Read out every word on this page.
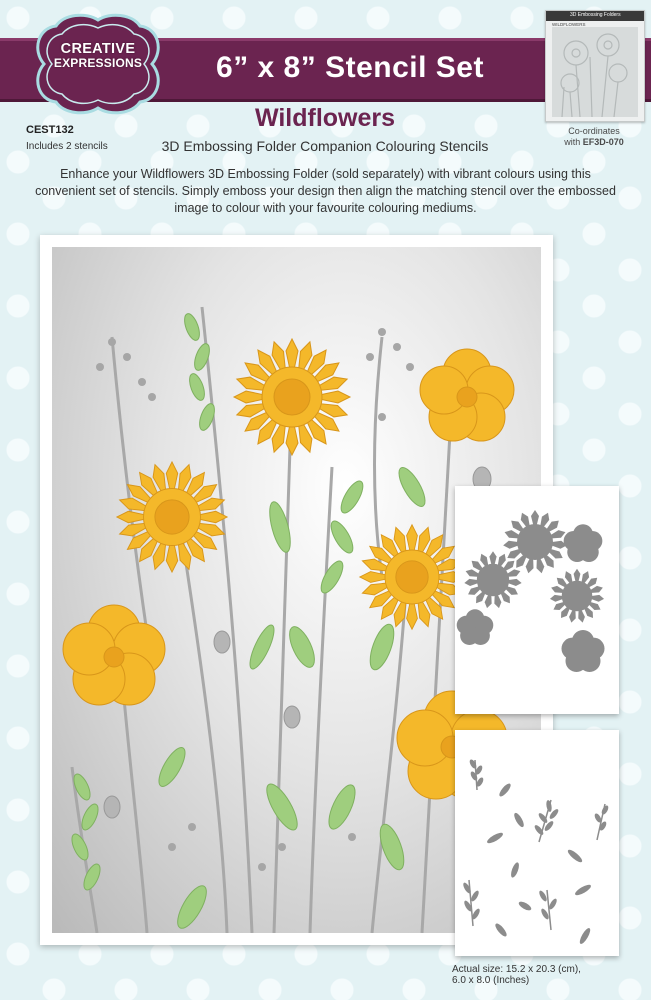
6” x 8” Stencil Set
CREATIVE
EXPRESSIONS
3D Embossing Folders
WILDFLOWERS
Co-ordinates
with EF3D-070
Wildflowers
3D Embossing Folder Companion Colouring Stencils
CEST132
Includes 2 stencils
Enhance your Wildflowers 3D Embossing Folder (sold separately) with vibrant colours using this convenient set of stencils. Simply emboss your design then align the matching stencil over the embossed image to colour with your favourite colouring mediums.
Actual size: 15.2 x 20.3 (cm),
6.0 x 8.0 (Inches)
